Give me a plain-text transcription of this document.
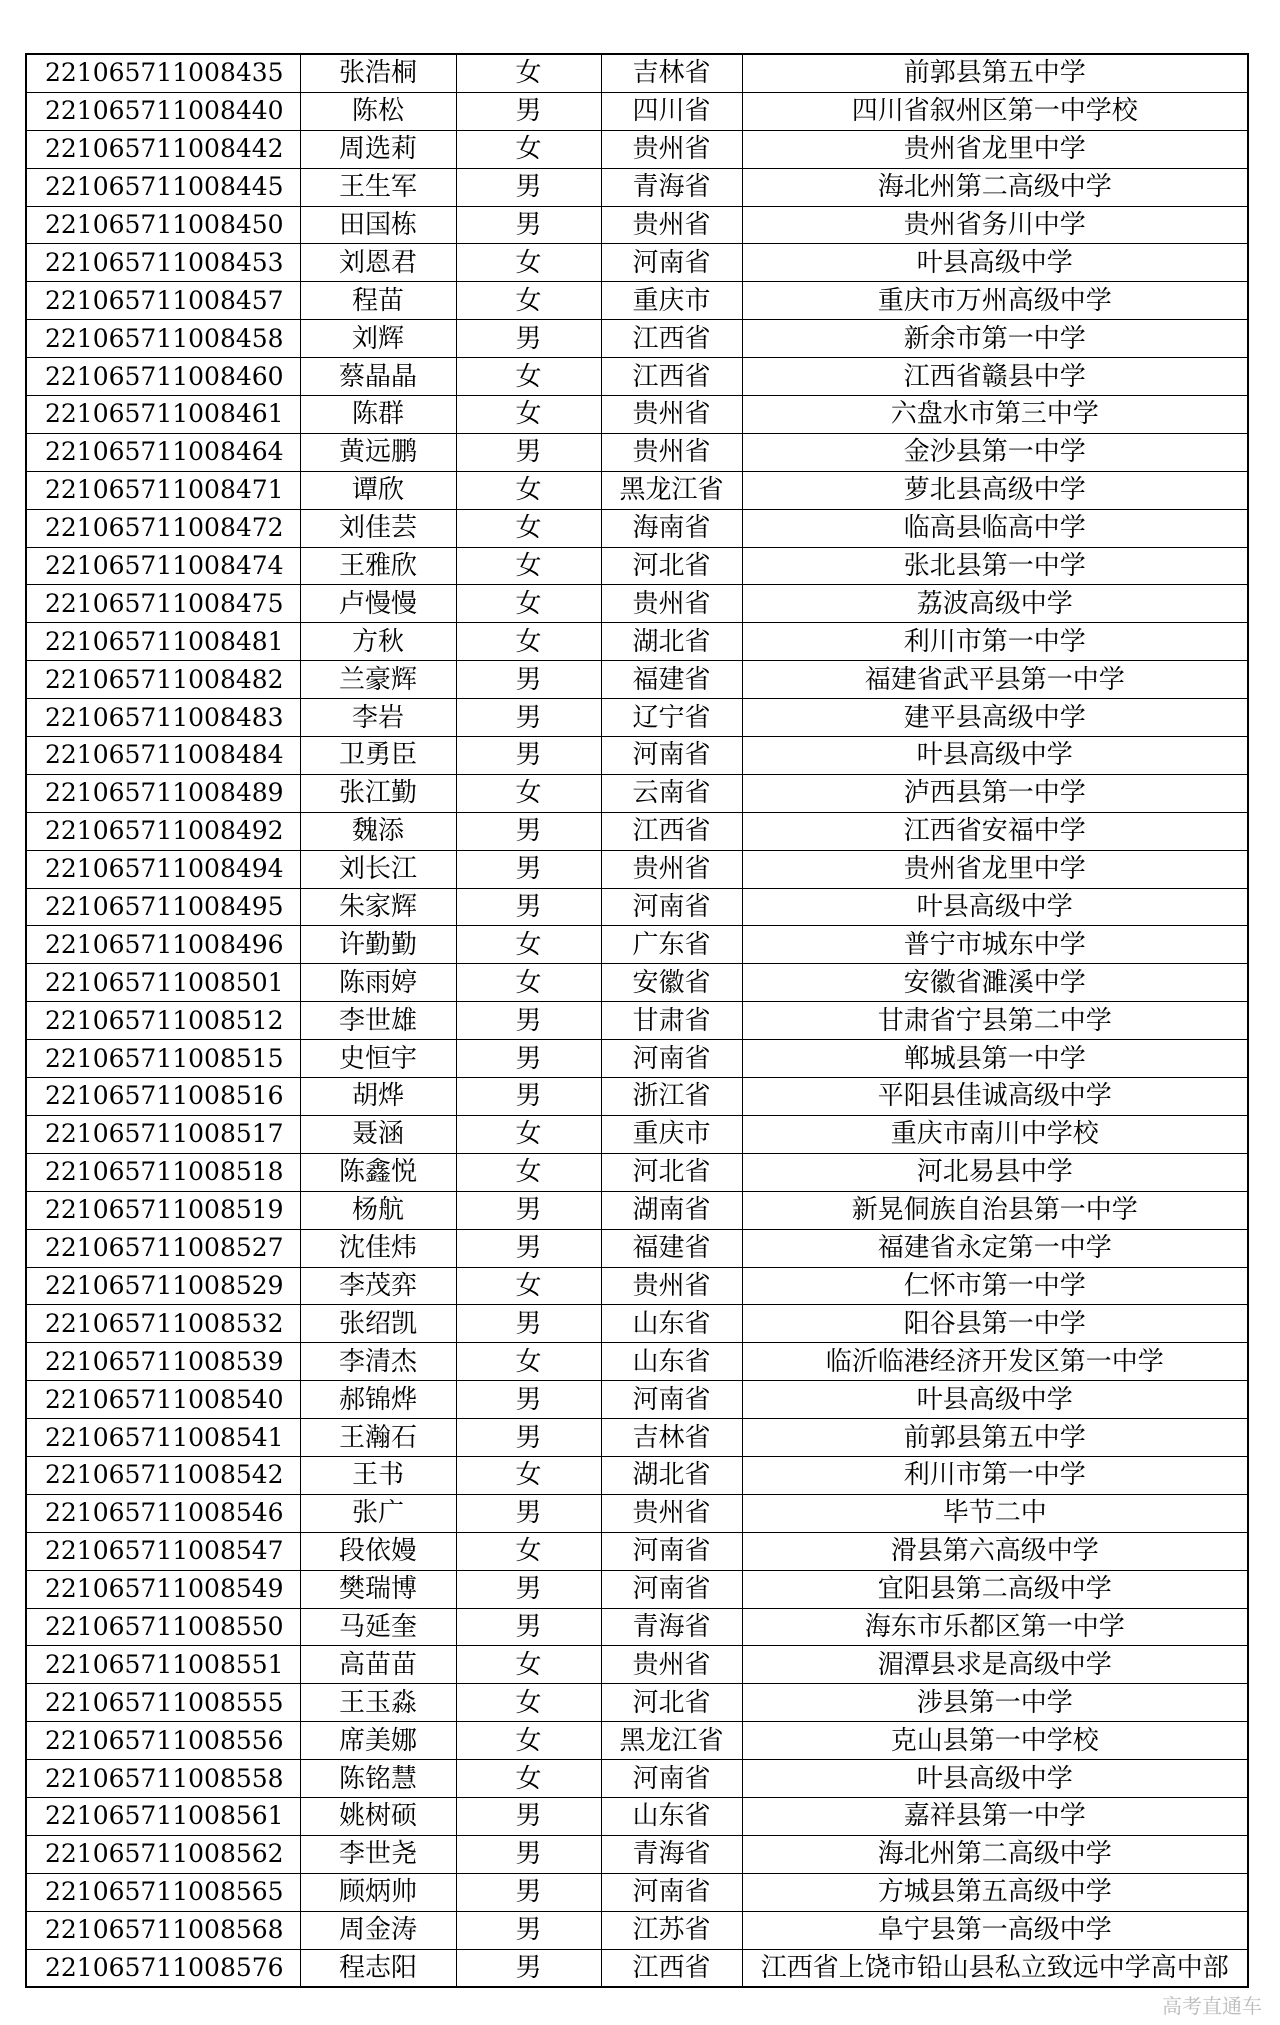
221065711008435	张浩桐	女	吉林省	前郭县第五中学
221065711008440	陈松	男	四川省	四川省叙州区第一中学校
221065711008442	周选莉	女	贵州省	贵州省龙里中学
221065711008445	王生军	男	青海省	海北州第二高级中学
221065711008450	田国栋	男	贵州省	贵州省务川中学
221065711008453	刘恩君	女	河南省	叶县高级中学
221065711008457	程苗	女	重庆市	重庆市万州高级中学
221065711008458	刘辉	男	江西省	新余市第一中学
221065711008460	蔡晶晶	女	江西省	江西省赣县中学
221065711008461	陈群	女	贵州省	六盘水市第三中学
221065711008464	黄远鹏	男	贵州省	金沙县第一中学
221065711008471	谭欣	女	黑龙江省	萝北县高级中学
221065711008472	刘佳芸	女	海南省	临高县临高中学
221065711008474	王雅欣	女	河北省	张北县第一中学
221065711008475	卢慢慢	女	贵州省	荔波高级中学
221065711008481	方秋	女	湖北省	利川市第一中学
221065711008482	兰豪辉	男	福建省	福建省武平县第一中学
221065711008483	李岩	男	辽宁省	建平县高级中学
221065711008484	卫勇臣	男	河南省	叶县高级中学
221065711008489	张江勤	女	云南省	泸西县第一中学
221065711008492	魏添	男	江西省	江西省安福中学
221065711008494	刘长江	男	贵州省	贵州省龙里中学
221065711008495	朱家辉	男	河南省	叶县高级中学
221065711008496	许勤勤	女	广东省	普宁市城东中学
221065711008501	陈雨婷	女	安徽省	安徽省濉溪中学
221065711008512	李世雄	男	甘肃省	甘肃省宁县第二中学
221065711008515	史恒宇	男	河南省	郸城县第一中学
221065711008516	胡烨	男	浙江省	平阳县佳诚高级中学
221065711008517	聂涵	女	重庆市	重庆市南川中学校
221065711008518	陈鑫悦	女	河北省	河北易县中学
221065711008519	杨航	男	湖南省	新晃侗族自治县第一中学
221065711008527	沈佳炜	男	福建省	福建省永定第一中学
221065711008529	李茂弈	女	贵州省	仁怀市第一中学
221065711008532	张绍凯	男	山东省	阳谷县第一中学
221065711008539	李清杰	女	山东省	临沂临港经济开发区第一中学
221065711008540	郝锦烨	男	河南省	叶县高级中学
221065711008541	王瀚石	男	吉林省	前郭县第五中学
221065711008542	王书	女	湖北省	利川市第一中学
221065711008546	张广	男	贵州省	毕节二中
221065711008547	段依嫚	女	河南省	滑县第六高级中学
221065711008549	樊瑞博	男	河南省	宜阳县第二高级中学
221065711008550	马延奎	男	青海省	海东市乐都区第一中学
221065711008551	高苗苗	女	贵州省	湄潭县求是高级中学
221065711008555	王玉淼	女	河北省	涉县第一中学
221065711008556	席美娜	女	黑龙江省	克山县第一中学校
221065711008558	陈铭慧	女	河南省	叶县高级中学
221065711008561	姚树硕	男	山东省	嘉祥县第一中学
221065711008562	李世尧	男	青海省	海北州第二高级中学
221065711008565	顾炳帅	男	河南省	方城县第五高级中学
221065711008568	周金涛	男	江苏省	阜宁县第一高级中学
221065711008576	程志阳	男	江西省	江西省上饶市铅山县私立致远中学高中部
高考直通车
